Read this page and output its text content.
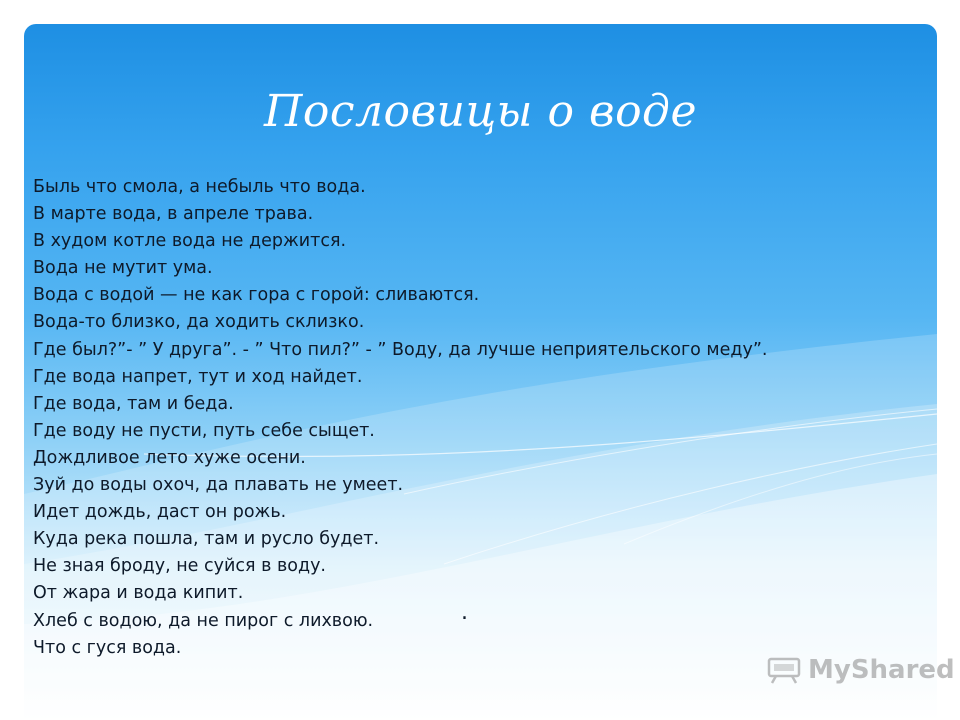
Пословицы о воде
Быль что смола, а небыль что вода.
В марте вода, в апреле трава.
В худом котле вода не держится.
Вода не мутит ума.
Вода с водой — не как гора с горой: сливаются.
Вода-то близко, да ходить склизко.
Где был?”- ” У друга”. - ” Что пил?” - ” Воду, да лучше неприятельского меду”.
Где вода напрет, тут и ход найдет.
Где вода, там и беда.
Где воду не пусти, путь себе сыщет.
Дождливое лето хуже осени.
Зуй до воды охоч, да плавать не умеет.
Идет дождь, даст он рожь.
Куда река пошла, там и русло будет.
Не зная броду, не суйся в воду.
От жара и вода кипит.
Хлеб с водою, да не пирог с лихвою.
Что с гуся вода.
.
MyShared
